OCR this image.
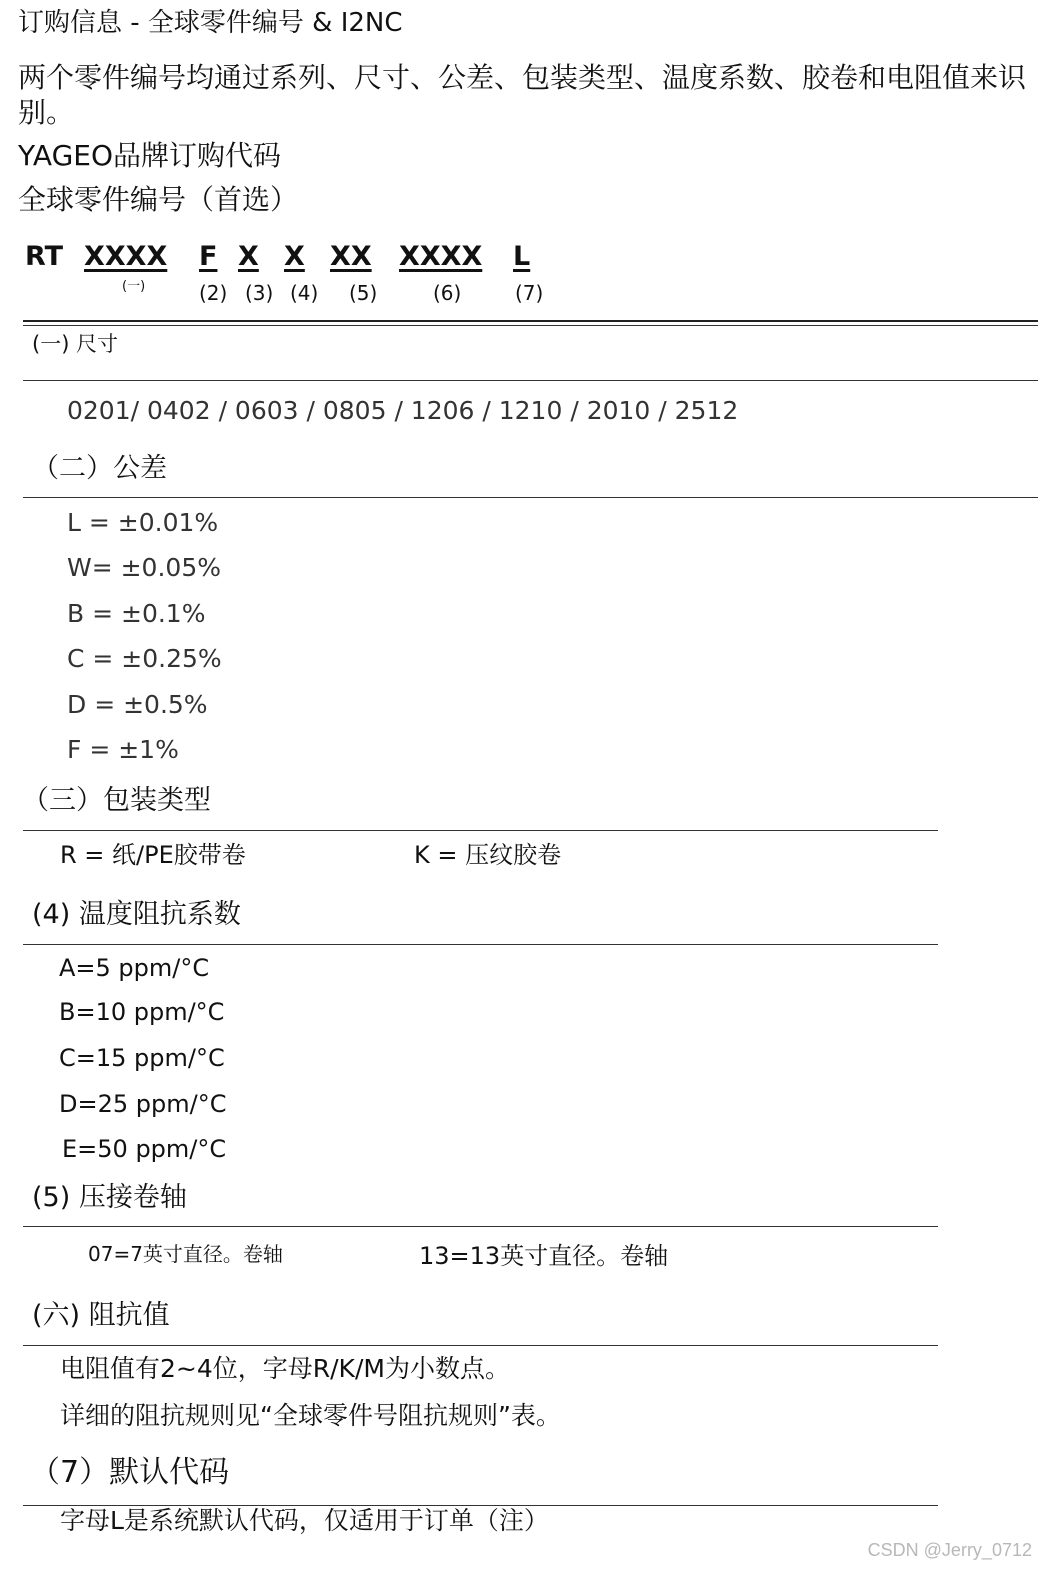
订购信息 - 全球零件编号 & I2NC
两个零件编号均通过系列、尺寸、公差、包装类型、温度系数、胶卷和电阻值来识别。
YAGEO品牌订购代码
全球零件编号（首选）
RT XXXX F X X XX XXXX L
(一)	(2) (3) (4) (5)	(6)	(7)
(一) 尺寸
0201/ 0402 / 0603 / 0805 / 1206 / 1210 / 2010 / 2512
（二）公差
L = ±0.01%
W= ±0.05%
B = ±0.1%
C = ±0.25%
D = ±0.5%
F = ±1%
（三）包装类型
R = 纸/PE胶带卷	K = 压纹胶卷
(4) 温度阻抗系数
A=5 ppm/°C
B=10 ppm/°C
C=15 ppm/°C
D=25 ppm/°C
E=50 ppm/°C
(5) 压接卷轴
07=7英寸直径。卷轴	13=13英寸直径。卷轴
(六) 阻抗值
电阻值有2~4位，字母R/K/M为小数点。
详细的阻抗规则见“全球零件号阻抗规则”表。
（7）默认代码
字母L是系统默认代码，仅适用于订单（注）
CSDN @Jerry_0712
